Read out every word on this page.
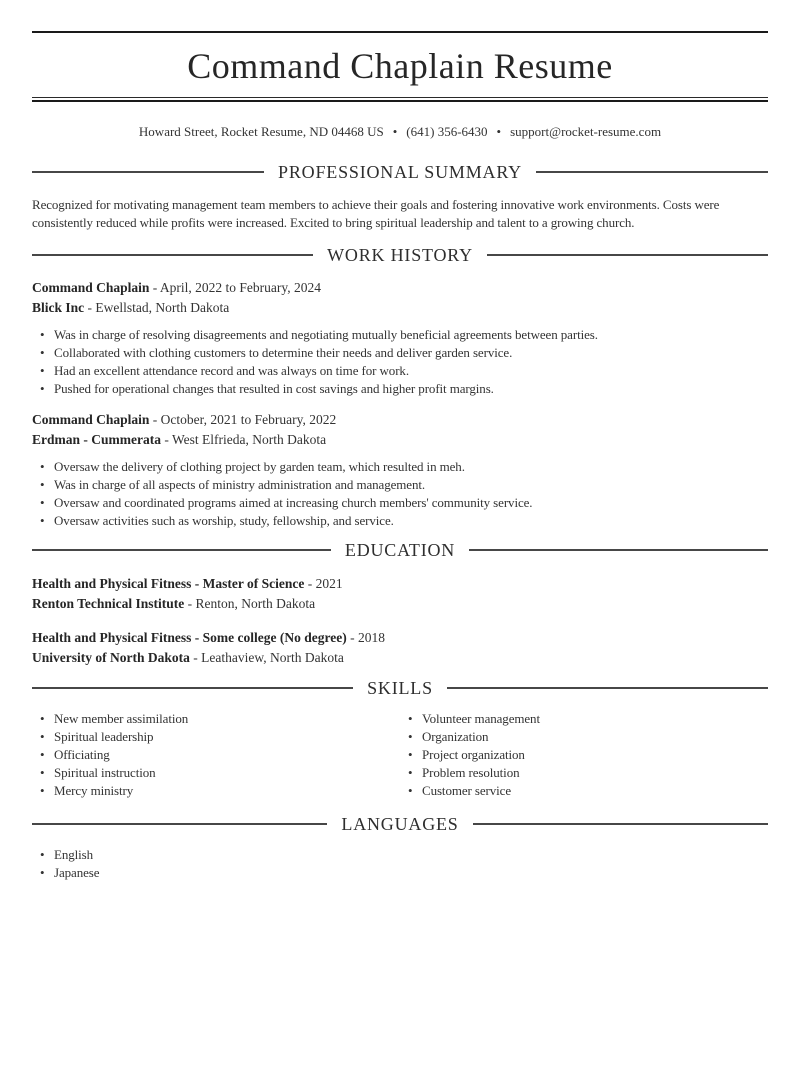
Command Chaplain Resume
Howard Street, Rocket Resume, ND 04468 US • (641) 356-6430 • support@rocket-resume.com
PROFESSIONAL SUMMARY

Recognized for motivating management team members to achieve their goals and fostering innovative work environments. Costs were consistently reduced while profits were increased. Excited to bring spiritual leadership and talent to a growing church.

WORK HISTORY
Command Chaplain - April, 2022 to February, 2024
Blick Inc - Ewellstad, North Dakota
• Was in charge of resolving disagreements and negotiating mutually beneficial agreements between parties.
• Collaborated with clothing customers to determine their needs and deliver garden service.
• Had an excellent attendance record and was always on time for work.
• Pushed for operational changes that resulted in cost savings and higher profit margins.
Command Chaplain - October, 2021 to February, 2022
Erdman - Cummerata - West Elfrieda, North Dakota
• Oversaw the delivery of clothing project by garden team, which resulted in meh.
• Was in charge of all aspects of ministry administration and management.
• Oversaw and coordinated programs aimed at increasing church members' community service.
• Oversaw activities such as worship, study, fellowship, and service.
EDUCATION
Health and Physical Fitness - Master of Science - 2021
Renton Technical Institute - Renton, North Dakota
Health and Physical Fitness - Some college (No degree) - 2018
University of North Dakota - Leathaview, North Dakota
SKILLS
• New member assimilation
• Spiritual leadership
• Officiating
• Spiritual instruction
• Mercy ministry
• Volunteer management
• Organization
• Project organization
• Problem resolution
• Customer service
LANGUAGES
• English
• Japanese
